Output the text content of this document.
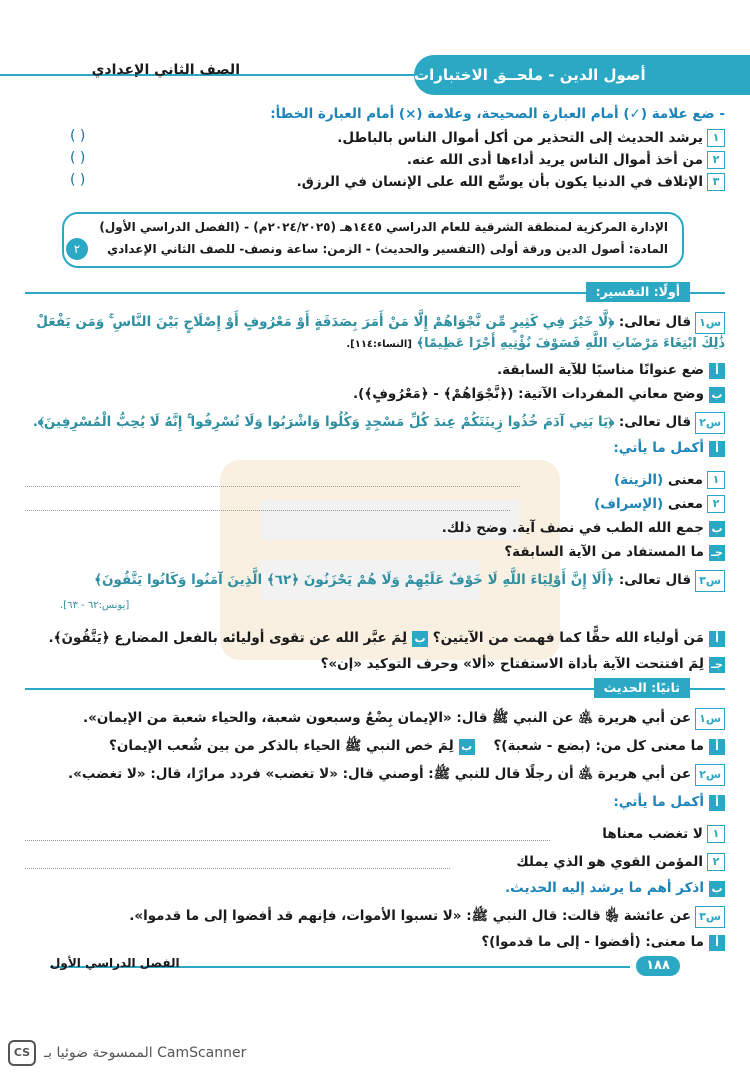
أصول الدين - ملحــق الاختبارات
الصف الثاني الإعدادي
- ضع علامة (✓) أمام العبارة الصحيحة، وعلامة (×) أمام العبارة الخطأ:
١يرشد الحديث إلى التحذير من أكل أموال الناس بالباطل.
٢من أخذ أموال الناس يريد أداءها أدى الله عنه.
٣الإتلاف في الدنيا يكون بأن يوسِّع الله على الإنسان في الرزق.
( )
( )
( )
الإدارة المركزية لمنطقة الشرقية للعام الدراسي ١٤٤٥هـ (٢٠٢٤/٢٠٢٥م) - (الفصل الدراسي الأول)
المادة: أصول الدين ورقة أولى (التفسير والحديث) - الزمن: ساعة ونصف- للصف الثاني الإعدادي
٢
أولًا: التفسير:
س١قال تعالى: ﴿لَّا خَيْرَ فِي كَثِيرٍ مِّن نَّجْوَاهُمْ إِلَّا مَنْ أَمَرَ بِصَدَقَةٍ أَوْ مَعْرُوفٍ أَوْ إِصْلَاحٍ بَيْنَ النَّاسِ ۚ وَمَن يَفْعَلْ
ذَٰلِكَ ابْتِغَاءَ مَرْضَاتِ اللَّهِ فَسَوْفَ نُؤْتِيهِ أَجْرًا عَظِيمًا﴾ [النساء:١١٤].
أضع عنوانًا مناسبًا للآية السابقة.
بوضح معاني المفردات الآتية: (﴿نَّجْوَاهُمْ﴾ - ﴿مَعْرُوفٍ﴾).
س٢قال تعالى: ﴿يَا بَنِي آدَمَ خُذُوا زِينَتَكُمْ عِندَ كُلِّ مَسْجِدٍ وَكُلُوا وَاشْرَبُوا وَلَا تُسْرِفُوا ۚ إِنَّهُ لَا يُحِبُّ الْمُسْرِفِينَ﴾.
أأكمل ما يأتي:
١معنى (الزينة)
٢معنى (الإسراف)
بجمع الله الطب في نصف آية. وضح ذلك.
جـما المستفاد من الآية السابقة؟
س٣قال تعالى: ﴿أَلَا إِنَّ أَوْلِيَاءَ اللَّهِ لَا خَوْفٌ عَلَيْهِمْ وَلَا هُمْ يَحْزَنُونَ ﴿٦٢﴾ الَّذِينَ آمَنُوا وَكَانُوا يَتَّقُونَ﴾
[يونس:٦٢ - ٦٣].
أمَن أولياء الله حقًّا كما فهمت من الآيتين؟ بلِمَ عبَّر الله عن تقوى أوليائه بالفعل المضارع ﴿يَتَّقُونَ﴾.
جـلِمَ افتتحت الآية بأداة الاستفتاح «ألا» وحرف التوكيد «إن»؟
ثانيًا: الحديث
س١عن أبي هريرة ﵁ عن النبي ﷺ قال: «الإيمان بِضْعٌ وسبعون شعبة، والحياء شعبة من الإيمان».
أما معنى كل من: (بضع - شعبة)؟    بلِمَ خص النبي ﷺ الحياء بالذكر من بين شُعب الإيمان؟
س٢عن أبي هريرة ﵁ أن رجلًا قال للنبي ﷺ: أوصني قال: «لا تغضب» فردد مرارًا، قال: «لا تغضب».
أأكمل ما يأتي:
١لا تغضب معناها
٢المؤمن القوي هو الذي يملك
باذكر أهم ما يرشد إليه الحديث.
س٣عن عائشة ﵂ قالت: قال النبي ﷺ: «لا تسبوا الأموات، فإنهم قد أفضوا إلى ما قدموا».
أما معنى: (أفضوا - إلى ما قدموا)؟
١٨٨
الفصل الدراسي الأول
CS الممسوحة ضوئيا بـ CamScanner
